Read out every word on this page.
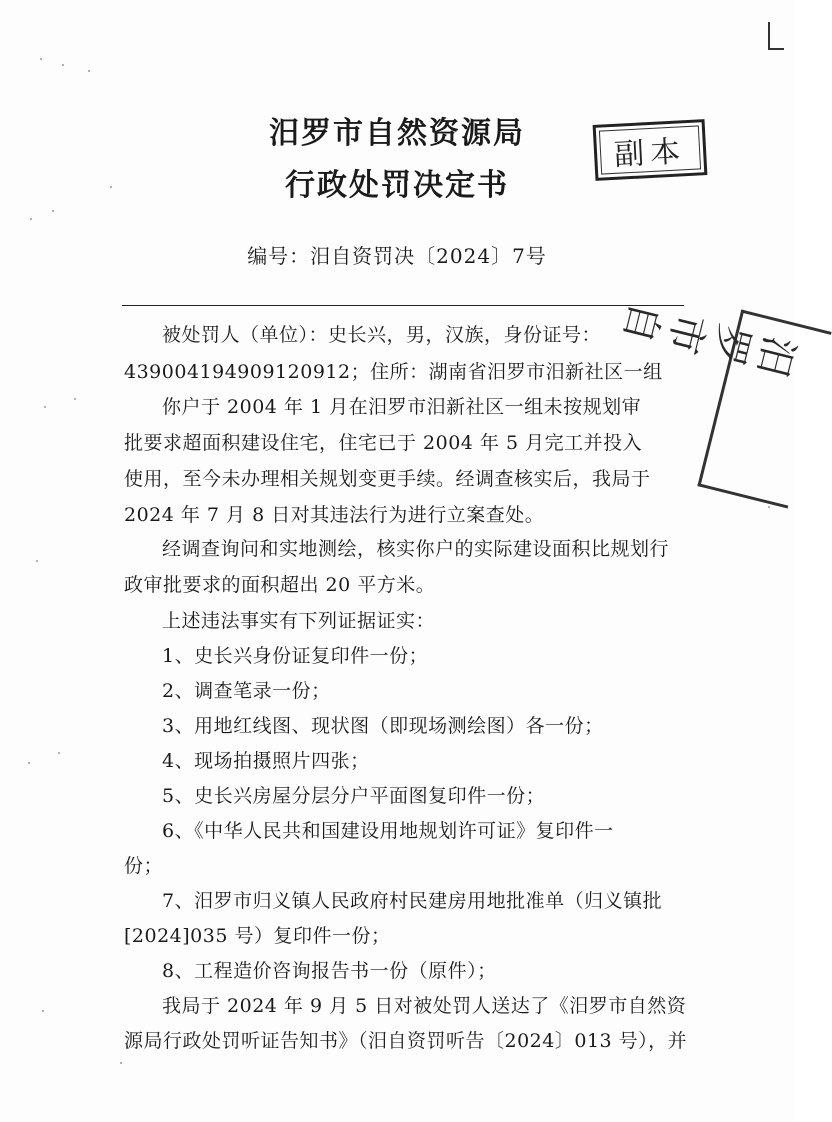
汨罗市自然资源局
行政处罚决定书
副本
汨罗市自
编号：汨自资罚决〔2024〕7号
被处罚人（单位）：史长兴，男，汉族，身份证号：
439004194909120912；住所：湖南省汨罗市汨新社区一组
你户于 2004 年 1 月在汨罗市汨新社区一组未按规划审
批要求超面积建设住宅，住宅已于 2004 年 5 月完工并投入
使用，至今未办理相关规划变更手续。经调查核实后，我局于
2024 年 7 月 8 日对其违法行为进行立案查处。
经调查询问和实地测绘，核实你户的实际建设面积比规划行
政审批要求的面积超出 20 平方米。
上述违法事实有下列证据证实：
1、史长兴身份证复印件一份；
2、调查笔录一份；
3、用地红线图、现状图（即现场测绘图）各一份；
4、现场拍摄照片四张；
5、史长兴房屋分层分户平面图复印件一份；
6、《中华人民共和国建设用地规划许可证》复印件一
份；
7、汨罗市归义镇人民政府村民建房用地批准单（归义镇批
[2024]035 号）复印件一份；
8、工程造价咨询报告书一份（原件）；
我局于 2024 年 9 月 5 日对被处罚人送达了《汨罗市自然资
源局行政处罚听证告知书》（汨自资罚听告〔2024〕013 号），并
